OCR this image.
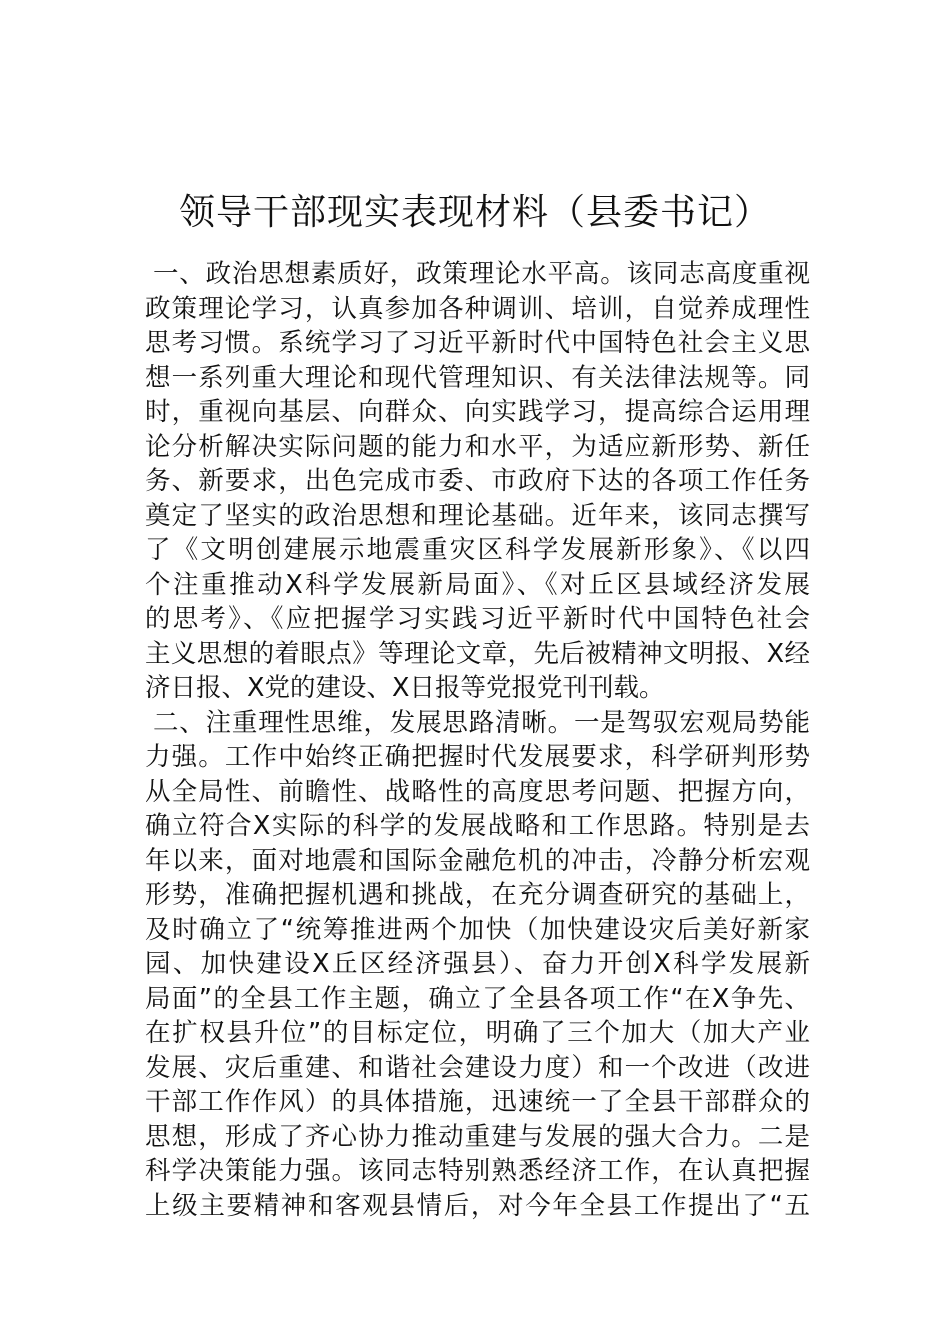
领导干部现实表现材料（县委书记）
一、政治思想素质好，政策理论水平高。该同志高度重视
政策理论学习，认真参加各种调训、培训，自觉养成理性
思考习惯。系统学习了习近平新时代中国特色社会主义思
想一系列重大理论和现代管理知识、有关法律法规等。同
时，重视向基层、向群众、向实践学习，提高综合运用理
论分析解决实际问题的能力和水平，为适应新形势、新任
务、新要求，出色完成市委、市政府下达的各项工作任务
奠定了坚实的政治思想和理论基础。近年来，该同志撰写
了《文明创建展示地震重灾区科学发展新形象》、《以四
个注重推动X科学发展新局面》、《对丘区县域经济发展
的思考》、《应把握学习实践习近平新时代中国特色社会
主义思想的着眼点》等理论文章，先后被精神文明报、X经
济日报、X党的建设、X日报等党报党刊刊载。
二、注重理性思维，发展思路清晰。一是驾驭宏观局势能
力强。工作中始终正确把握时代发展要求，科学研判形势
从全局性、前瞻性、战略性的高度思考问题、把握方向，
确立符合X实际的科学的发展战略和工作思路。特别是去
年以来，面对地震和国际金融危机的冲击，冷静分析宏观
形势，准确把握机遇和挑战，在充分调查研究的基础上，
及时确立了“统筹推进两个加快（加快建设灾后美好新家
园、加快建设X丘区经济强县）、奋力开创X科学发展新
局面”的全县工作主题，确立了全县各项工作“在X争先、
在扩权县升位”的目标定位，明确了三个加大（加大产业
发展、灾后重建、和谐社会建设力度）和一个改进（改进
干部工作作风）的具体措施，迅速统一了全县干部群众的
思想，形成了齐心协力推动重建与发展的强大合力。二是
科学决策能力强。该同志特别熟悉经济工作，在认真把握
上级主要精神和客观县情后，对今年全县工作提出了“五
